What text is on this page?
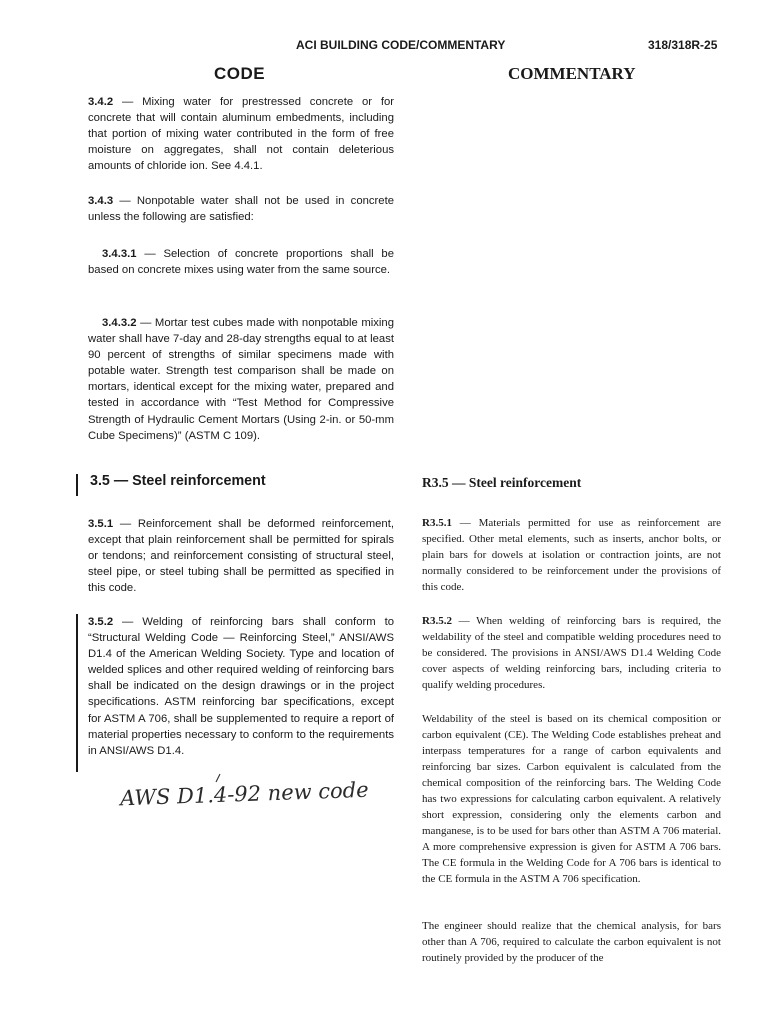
ACI BUILDING CODE/COMMENTARY	318/318R-25
CODE	COMMENTARY

3.4.2 — Mixing water for prestressed concrete or for concrete that will contain aluminum embedments, including that portion of mixing water contributed in the form of free moisture on aggregates, shall not contain deleterious amounts of chloride ion. See 4.4.1.

3.4.3 — Nonpotable water shall not be used in concrete unless the following are satisfied:

3.4.3.1 — Selection of concrete proportions shall be based on concrete mixes using water from the same source.

3.4.3.2 — Mortar test cubes made with nonpotable mixing water shall have 7-day and 28-day strengths equal to at least 90 percent of strengths of similar specimens made with potable water. Strength test comparison shall be made on mortars, identical except for the mixing water, prepared and tested in accordance with “Test Method for Compressive Strength of Hydraulic Cement Mortars (Using 2-in. or 50-mm Cube Specimens)” (ASTM C 109).

3.5 — Steel reinforcement

3.5.1 — Reinforcement shall be deformed reinforcement, except that plain reinforcement shall be permitted for spirals or tendons; and reinforcement consisting of structural steel, steel pipe, or steel tubing shall be permitted as specified in this code.

3.5.2 — Welding of reinforcing bars shall conform to “Structural Welding Code — Reinforcing Steel,” ANSI/AWS D1.4 of the American Welding Society. Type and location of welded splices and other required welding of reinforcing bars shall be indicated on the design drawings or in the project specifications. ASTM reinforcing bar specifications, except for ASTM A 706, shall be supplemented to require a report of material properties necessary to conform to the requirements in ANSI/AWS D1.4.

AWS D1.4-92 new code
R3.5 — Steel reinforcement

R3.5.1 — Materials permitted for use as reinforcement are specified. Other metal elements, such as inserts, anchor bolts, or plain bars for dowels at isolation or contraction joints, are not normally considered to be reinforcement under the provisions of this code.

R3.5.2 — When welding of reinforcing bars is required, the weldability of the steel and compatible welding procedures need to be considered. The provisions in ANSI/AWS D1.4 Welding Code cover aspects of welding reinforcing bars, including criteria to qualify welding procedures.

Weldability of the steel is based on its chemical composition or carbon equivalent (CE). The Welding Code establishes preheat and interpass temperatures for a range of carbon equivalents and reinforcing bar sizes. Carbon equivalent is calculated from the chemical composition of the reinforcing bars. The Welding Code has two expressions for calculating carbon equivalent. A relatively short expression, considering only the elements carbon and manganese, is to be used for bars other than ASTM A 706 material. A more comprehensive expression is given for ASTM A 706 bars. The CE formula in the Welding Code for A 706 bars is identical to the CE formula in the ASTM A 706 specification.

The engineer should realize that the chemical analysis, for bars other than A 706, required to calculate the carbon equivalent is not routinely provided by the producer of the
